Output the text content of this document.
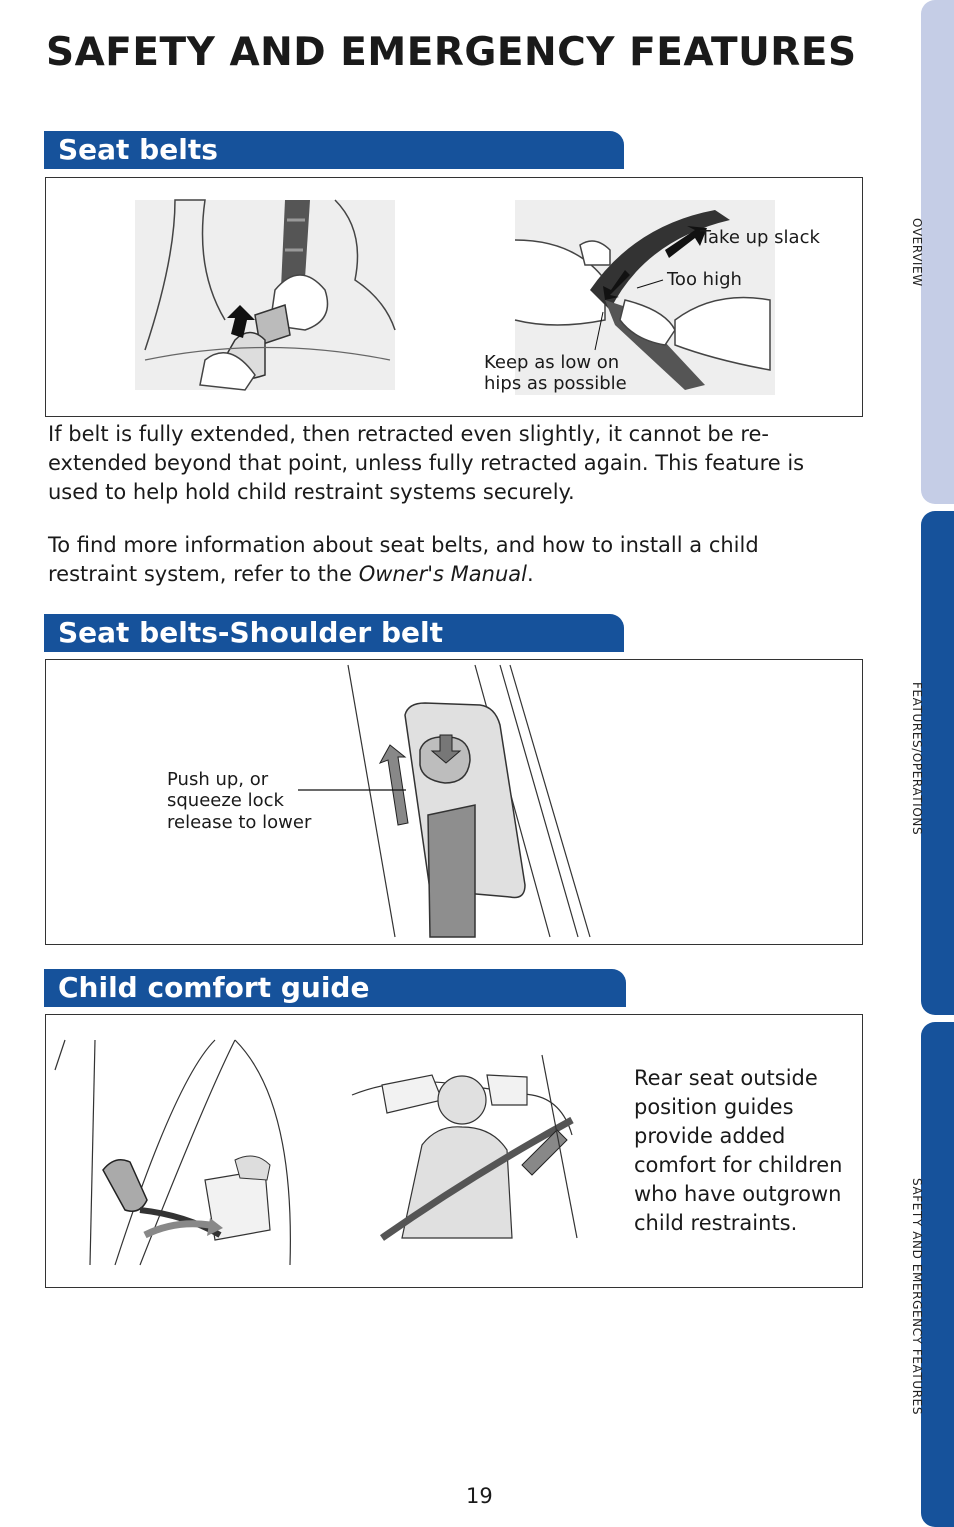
SAFETY AND EMERGENCY FEATURES
OVERVIEW
FEATURES/OPERATIONS
SAFETY AND EMERGENCY FEATURES
Seat belts
Take up slack
Too high
Keep as low on
hips as possible

If belt is fully extended, then retracted even slightly, it cannot be re-extended beyond that point, unless fully retracted again. This feature is used to help hold child restraint systems securely.

To find more information about seat belts, and how to install a child restraint system, refer to the Owner's Manual.

Seat belts-Shoulder belt
Push up, or
squeeze lock
release to lower
Child comfort guide

Rear seat outside position guides provide added comfort for children who have outgrown child restraints.

19
